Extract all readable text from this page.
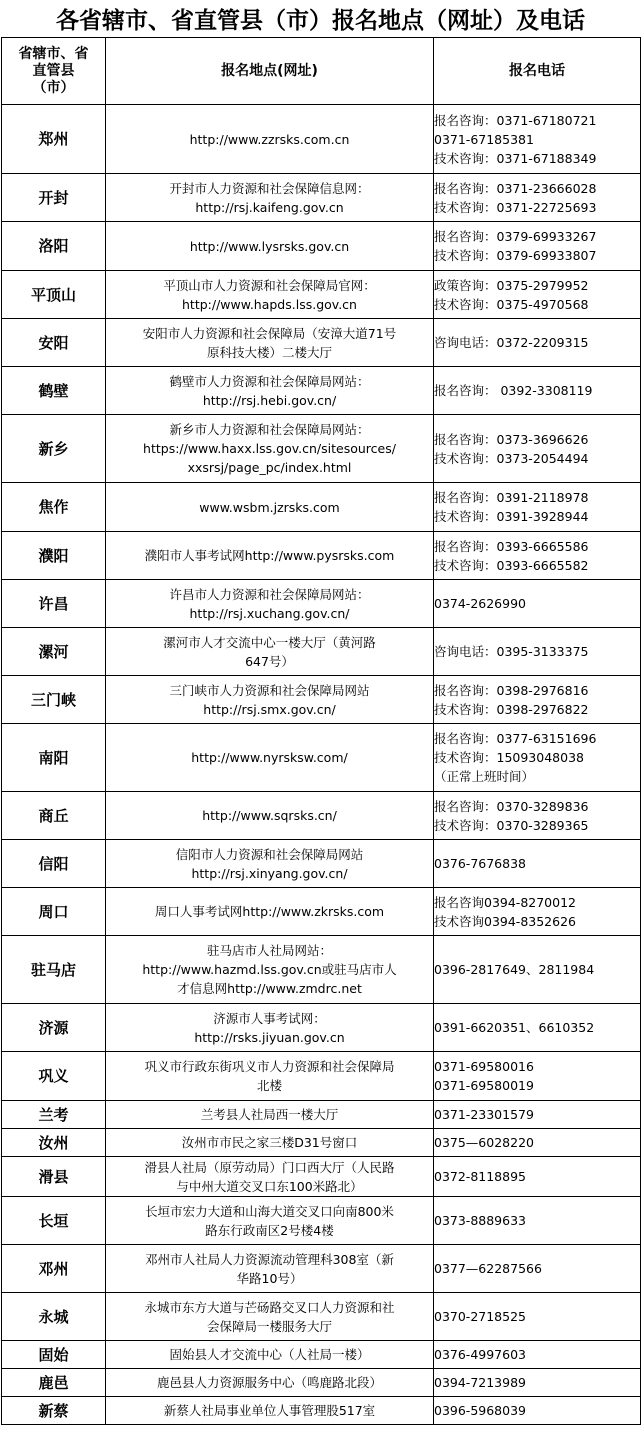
各省辖市、省直管县（市）报名地点（网址）及电话
省辖市、省
直管县
（市）	报名地点(网址)	报名电话
郑州	http://www.zzrsks.com.cn	报名咨询：0371-67180721
0371-67185381
技术咨询：0371-67188349

开封	开封市人力资源和社会保障信息网：
http://rsj.kaifeng.gov.cn	报名咨询：0371-23666028
技术咨询：0371-22725693

洛阳	http://www.lysrsks.gov.cn	报名咨询：0379-69933267
技术咨询：0379-69933807

平顶山	平顶山市人力资源和社会保障局官网：
http://www.hapds.lss.gov.cn	政策咨询：0375-2979952
技术咨询：0375-4970568

安阳	安阳市人力资源和社会保障局（安漳大道71号
原科技大楼）二楼大厅	咨询电话：0372-2209315

鹤壁	鹤壁市人力资源和社会保障局网站：
http://rsj.hebi.gov.cn/	报名咨询： 0392-3308119

新乡	新乡市人力资源和社会保障局网站：
https://www.haxx.lss.gov.cn/sitesources/
xxsrsj/page_pc/index.html	报名咨询：0373-3696626
技术咨询：0373-2054494

焦作	www.wsbm.jzrsks.com	报名咨询：0391-2118978
技术咨询：0391-3928944

濮阳	濮阳市人事考试网http://www.pysrsks.com	报名咨询：0393-6665586
技术咨询：0393-6665582

许昌	许昌市人力资源和社会保障局网站：
http://rsj.xuchang.gov.cn/	0374-2626990

漯河	漯河市人才交流中心一楼大厅（黄河路
647号）	咨询电话：0395-3133375

三门峡	三门峡市人力资源和社会保障局网站
http://rsj.smx.gov.cn/	报名咨询：0398-2976816
技术咨询：0398-2976822

南阳	http://www.nyrsksw.com/	报名咨询：0377-63151696
技术咨询：15093048038
（正常上班时间）

商丘	http://www.sqrsks.cn/	报名咨询：0370-3289836
技术咨询：0370-3289365

信阳	信阳市人力资源和社会保障局网站
http://rsj.xinyang.gov.cn/	0376-7676838

周口	周口人事考试网http://www.zkrsks.com	报名咨询0394-8270012
技术咨询0394-8352626

驻马店	驻马店市人社局网站：
http://www.hazmd.lss.gov.cn或驻马店市人
才信息网http://www.zmdrc.net	0396-2817649、2811984

济源	济源市人事考试网：
http://rsks.jiyuan.gov.cn	0391-6620351、6610352

巩义	巩义市行政东街巩义市人力资源和社会保障局
北楼	0371-69580016
0371-69580019

兰考	兰考县人社局西一楼大厅	0371-23301579

汝州	汝州市市民之家三楼D31号窗口	0375—6028220

滑县	滑县人社局（原劳动局）门口西大厅（人民路
与中州大道交叉口东100米路北）	0372-8118895

长垣	长垣市宏力大道和山海大道交叉口向南800米
路东行政南区2号楼4楼	0373-8889633

邓州	邓州市人社局人力资源流动管理科308室（新
华路10号）	0377—62287566

永城	永城市东方大道与芒砀路交叉口人力资源和社
会保障局一楼服务大厅	0370-2718525

固始	固始县人才交流中心（人社局一楼）	0376-4997603

鹿邑	鹿邑县人力资源服务中心（鸣鹿路北段）	0394-7213989

新蔡	新蔡人社局事业单位人事管理股517室	0396-5968039
